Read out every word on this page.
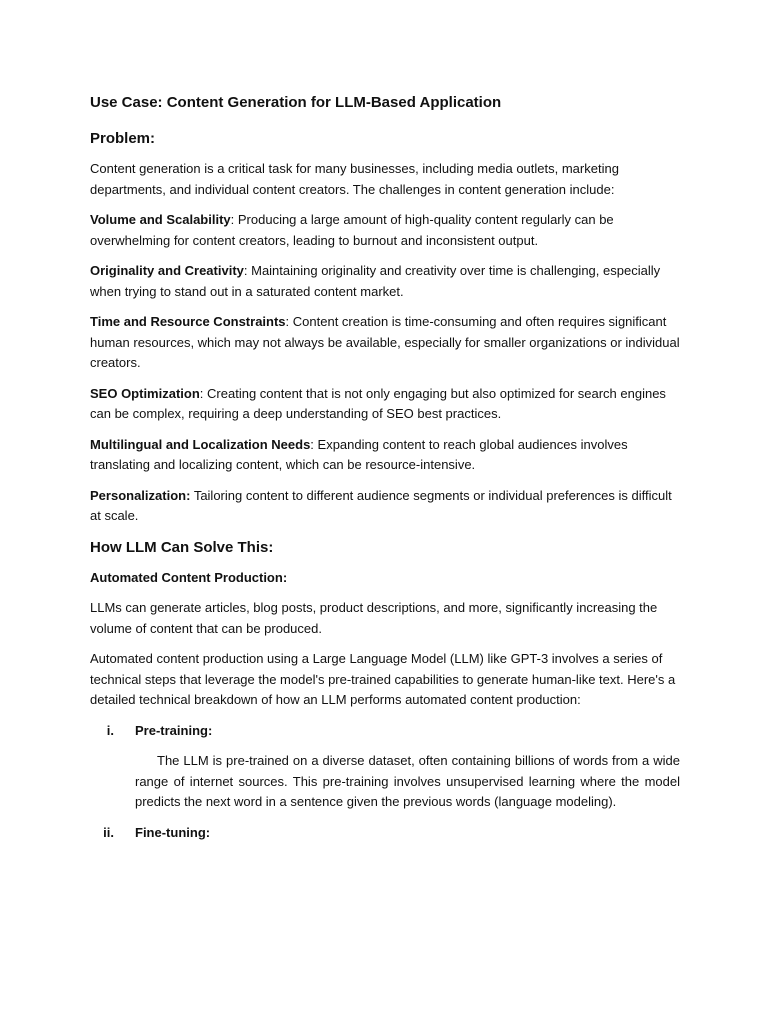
Use Case: Content Generation for LLM-Based Application
Problem:

Content generation is a critical task for many businesses, including media outlets, marketing departments, and individual content creators. The challenges in content generation include:

Volume and Scalability: Producing a large amount of high-quality content regularly can be overwhelming for content creators, leading to burnout and inconsistent output.

Originality and Creativity: Maintaining originality and creativity over time is challenging, especially when trying to stand out in a saturated content market.

Time and Resource Constraints: Content creation is time-consuming and often requires significant human resources, which may not always be available, especially for smaller organizations or individual creators.

SEO Optimization: Creating content that is not only engaging but also optimized for search engines can be complex, requiring a deep understanding of SEO best practices.

Multilingual and Localization Needs: Expanding content to reach global audiences involves translating and localizing content, which can be resource-intensive.

Personalization: Tailoring content to different audience segments or individual preferences is difficult at scale.

How LLM Can Solve This:
Automated Content Production:

LLMs can generate articles, blog posts, product descriptions, and more, significantly increasing the volume of content that can be produced.

Automated content production using a Large Language Model (LLM) like GPT-3 involves a series of technical steps that leverage the model's pre-trained capabilities to generate human-like text. Here's a detailed technical breakdown of how an LLM performs automated content production:

i.	Pre-training:

The LLM is pre-trained on a diverse dataset, often containing billions of words from a wide range of internet sources. This pre-training involves unsupervised learning where the model predicts the next word in a sentence given the previous words (language modeling).

ii.	Fine-tuning:
